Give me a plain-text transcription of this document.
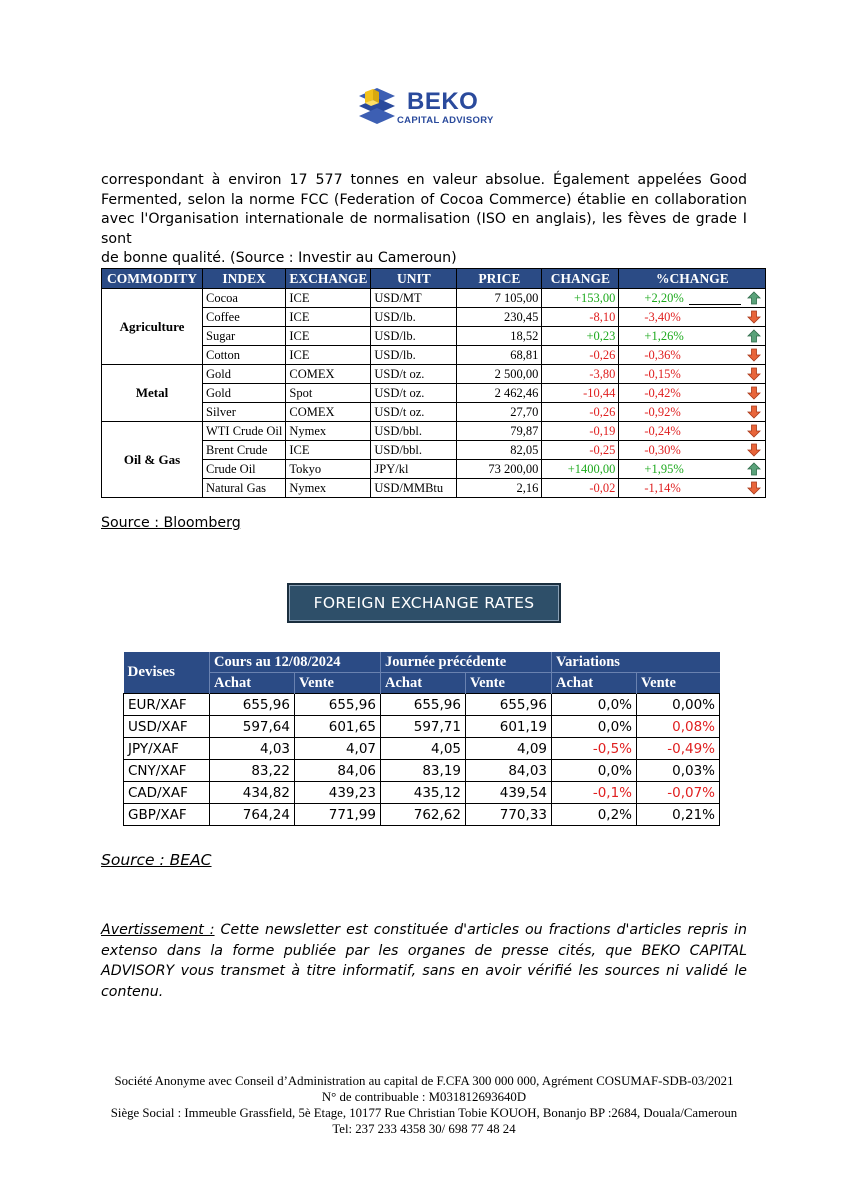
BEKO
CAPITAL ADVISORY
correspondant à environ 17 577 tonnes en valeur absolue. Également appelées Good
Fermented, selon la norme FCC (Federation of Cocoa Commerce) établie en collaboration
avec l'Organisation internationale de normalisation (ISO en anglais), les fèves de grade I sont
de bonne qualité. (Source : Investir au Cameroun)
COMMODITY	INDEX	EXCHANGE	UNIT	PRICE	CHANGE	%CHANGE
Agriculture	Cocoa	ICE	USD/MT	7 105,00	+153,00	+2,20%

	Coffee	ICE	USD/lb.	230,45	-8,10	-3,40%

	Sugar	ICE	USD/lb.	18,52	+0,23	+1,26%

	Cotton	ICE	USD/lb.	68,81	-0,26	-0,36%

Metal	Gold	COMEX	USD/t oz.	2 500,00	-3,80	-0,15%

	Gold	Spot	USD/t oz.	2 462,46	-10,44	-0,42%

	Silver	COMEX	USD/t oz.	27,70	-0,26	-0,92%

Oil & Gas	WTI Crude Oil	Nymex	USD/bbl.	79,87	-0,19	-0,24%

	Brent Crude	ICE	USD/bbl.	82,05	-0,25	-0,30%

	Crude Oil	Tokyo	JPY/kl	73 200,00	+1400,00	+1,95%

	Natural Gas	Nymex	USD/MMBtu	2,16	-0,02	-1,14%
Source : Bloomberg
FOREIGN EXCHANGE RATES
Devises	Cours au 12/08/2024		Journée précédente		Variations	
	Achat	Vente	Achat	Vente	Achat	Vente
EUR/XAF	655,96	655,96	655,96	655,96	0,0%	0,00%
USD/XAF	597,64	601,65	597,71	601,19	0,0%	0,08%
JPY/XAF	4,03	4,07	4,05	4,09	-0,5%	-0,49%
CNY/XAF	83,22	84,06	83,19	84,03	0,0%	0,03%
CAD/XAF	434,82	439,23	435,12	439,54	-0,1%	-0,07%
GBP/XAF	764,24	771,99	762,62	770,33	0,2%	0,21%
Source : BEAC
Avertissement : Cette newsletter est constituée d'articles ou fractions d'articles repris in
extenso dans la forme publiée par les organes de presse cités, que BEKO CAPITAL
ADVISORY vous transmet à titre informatif, sans en avoir vérifié les sources ni validé le
contenu.
Société Anonyme avec Conseil d’Administration au capital de F.CFA 300 000 000, Agrément COSUMAF-SDB-03/2021
N° de contribuable : M031812693640D
Siège Social : Immeuble Grassfield, 5è Etage, 10177 Rue Christian Tobie KOUOH, Bonanjo BP :2684, Douala/Cameroun
Tel: 237 233 4358 30/ 698 77 48 24
